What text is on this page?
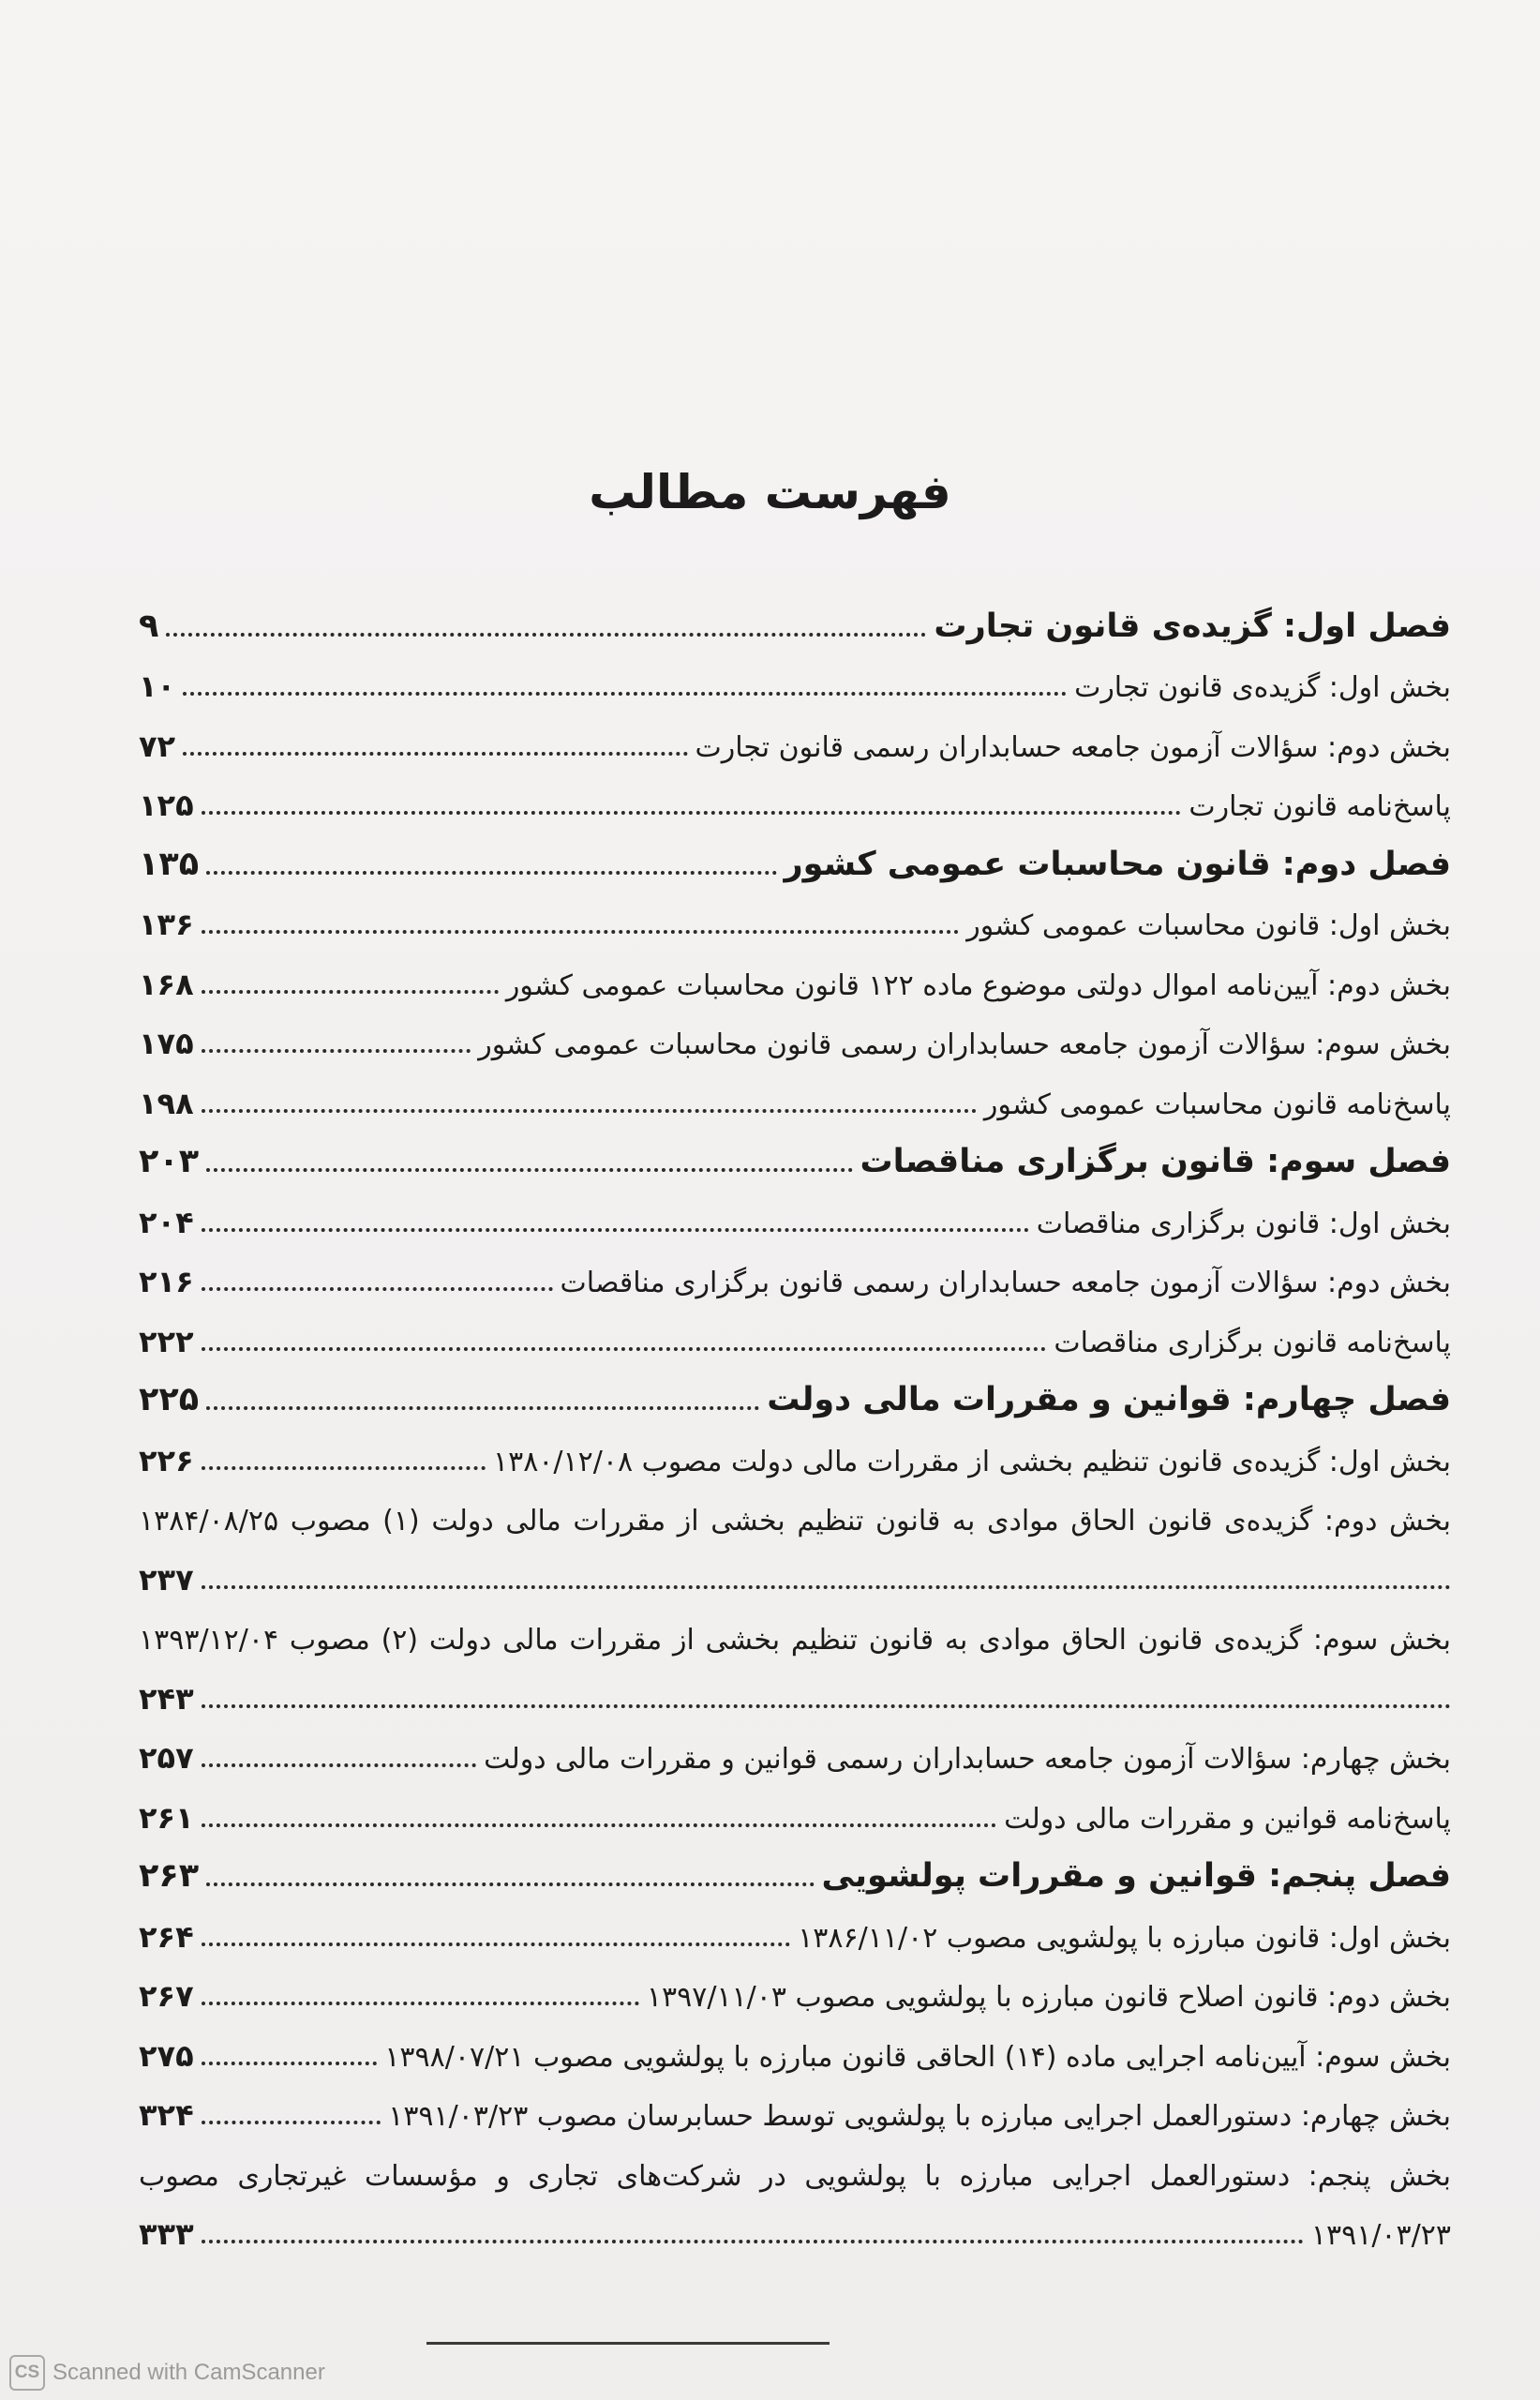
فهرست مطالب
فصل اول: گزیده‌ی قانون تجارت
۹
بخش اول: گزیده‌ی قانون تجارت
۱۰
بخش دوم: سؤالات آزمون جامعه حسابداران رسمی قانون تجارت
۷۲
پاسخ‌نامه قانون تجارت
۱۲۵
فصل دوم: قانون محاسبات عمومی کشور
۱۳۵
بخش اول: قانون محاسبات عمومی کشور
۱۳۶
بخش دوم: آیین‌نامه اموال دولتی موضوع ماده ۱۲۲ قانون محاسبات عمومی کشور
۱۶۸
بخش سوم: سؤالات آزمون جامعه حسابداران رسمی قانون محاسبات عمومی کشور
۱۷۵
پاسخ‌نامه قانون محاسبات عمومی کشور
۱۹۸
فصل سوم: قانون برگزاری مناقصات
۲۰۳
بخش اول: قانون برگزاری مناقصات
۲۰۴
بخش دوم: سؤالات آزمون جامعه حسابداران رسمی قانون برگزاری مناقصات
۲۱۶
پاسخ‌نامه قانون برگزاری مناقصات
۲۲۲
فصل چهارم: قوانین و مقررات مالی دولت
۲۲۵
بخش اول: گزیده‌ی قانون تنظیم بخشی از مقررات مالی دولت مصوب ۱۳۸۰/۱۲/۰۸
۲۲۶
بخش دوم: گزیده‌ی قانون الحاق موادی به قانون تنظیم بخشی از مقررات مالی دولت (۱) مصوب ۱۳۸۴/۰۸/۲۵
۲۳۷
بخش سوم: گزیده‌ی قانون الحاق موادی به قانون تنظیم بخشی از مقررات مالی دولت (۲) مصوب ۱۳۹۳/۱۲/۰۴
۲۴۳
بخش چهارم: سؤالات آزمون جامعه حسابداران رسمی قوانین و مقررات مالی دولت
۲۵۷
پاسخ‌نامه قوانین و مقررات مالی دولت
۲۶۱
فصل پنجم: قوانین و مقررات پولشویی
۲۶۳
بخش اول: قانون مبارزه با پولشویی مصوب ۱۳۸۶/۱۱/۰۲
۲۶۴
بخش دوم: قانون اصلاح قانون مبارزه با پولشویی مصوب ۱۳۹۷/۱۱/۰۳
۲۶۷
بخش سوم: آیین‌نامه اجرایی ماده (۱۴) الحاقی قانون مبارزه با پولشویی مصوب ۱۳۹۸/۰۷/۲۱
۲۷۵
بخش چهارم: دستورالعمل اجرایی مبارزه با پولشویی توسط حسابرسان مصوب ۱۳۹۱/۰۳/۲۳
۳۲۴
بخش پنجم: دستورالعمل اجرایی مبارزه با پولشویی در شرکت‌های تجاری و مؤسسات غیرتجاری مصوب
۱۳۹۱/۰۳/۲۳
۳۳۳
CS Scanned with CamScanner
